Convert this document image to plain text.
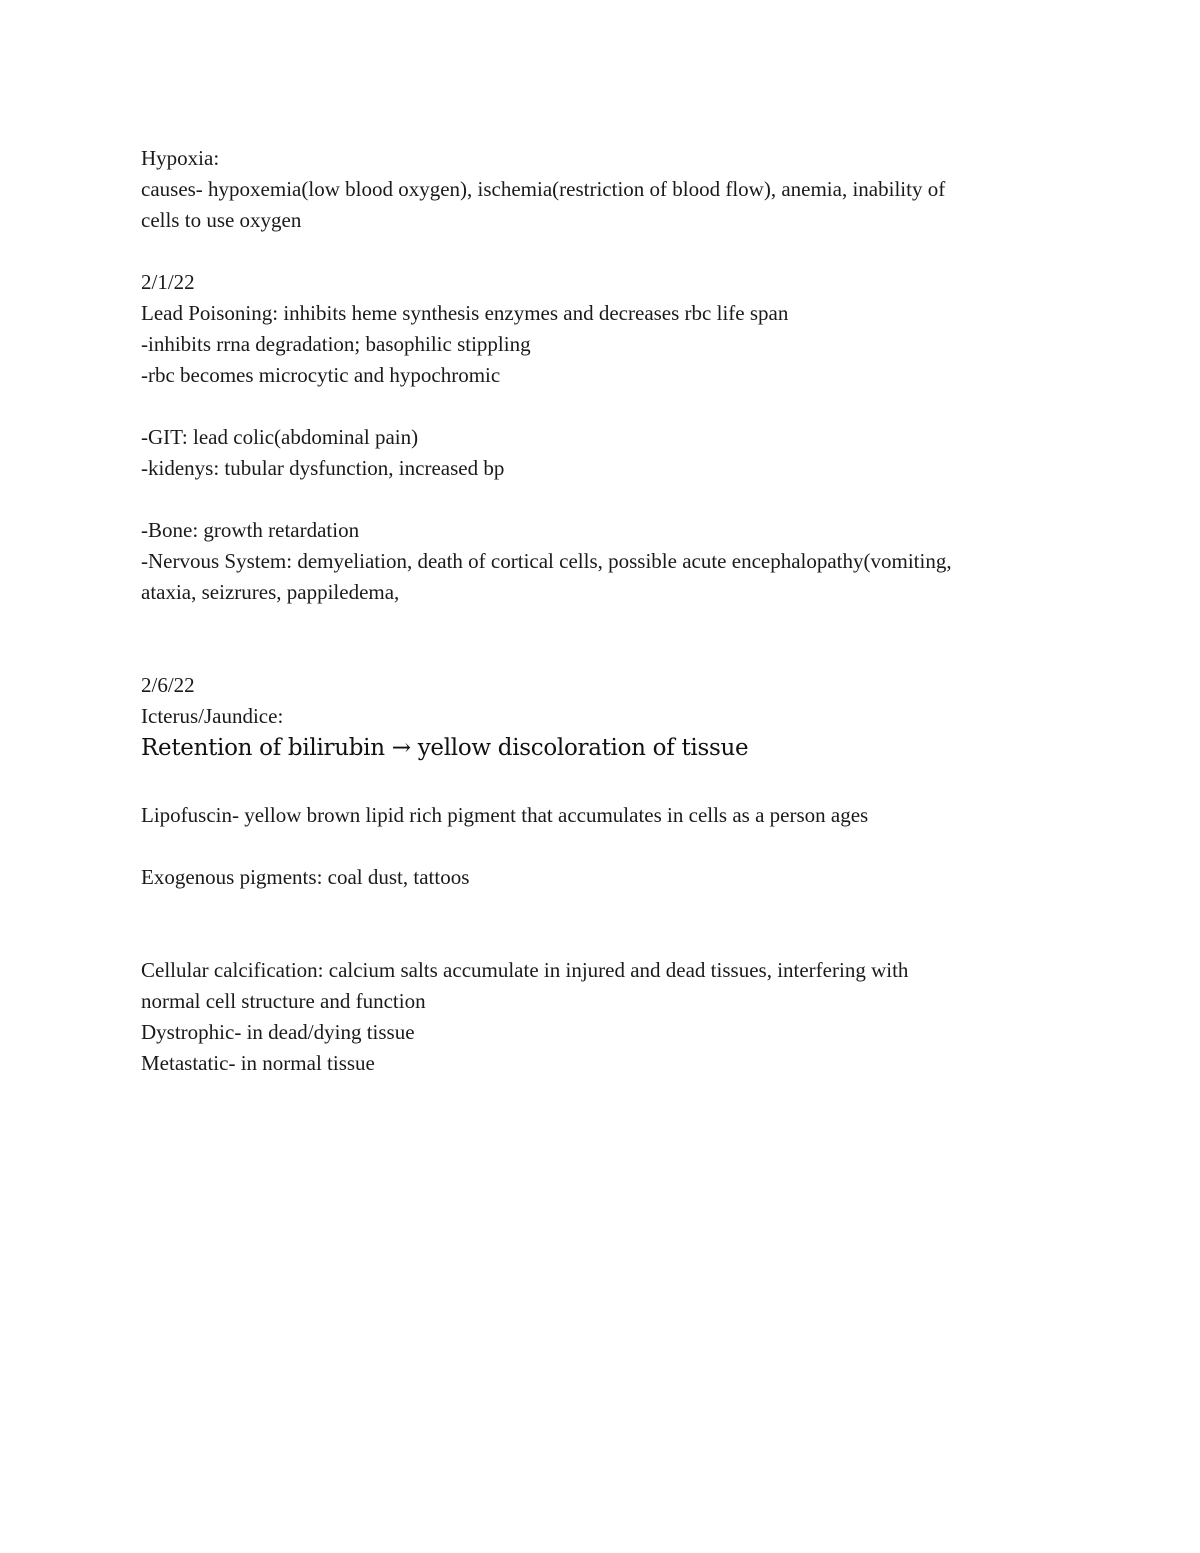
Hypoxia:
causes- hypoxemia(low blood oxygen), ischemia(restriction of blood flow), anemia, inability of
cells to use oxygen
2/1/22
Lead Poisoning: inhibits heme synthesis enzymes and decreases rbc life span
-inhibits rrna degradation; basophilic stippling
-rbc becomes microcytic and hypochromic
-GIT: lead colic(abdominal pain)
-kidenys: tubular dysfunction, increased bp
-Bone: growth retardation
-Nervous System: demyeliation, death of cortical cells, possible acute encephalopathy(vomiting,
ataxia, seizrures, pappiledema,
2/6/22
Icterus/Jaundice:
Retention of bilirubin → yellow discoloration of tissue
Lipofuscin- yellow brown lipid rich pigment that accumulates in cells as a person ages
Exogenous pigments: coal dust, tattoos
Cellular calcification: calcium salts accumulate in injured and dead tissues, interfering with
normal cell structure and function
Dystrophic- in dead/dying tissue
Metastatic- in normal tissue
